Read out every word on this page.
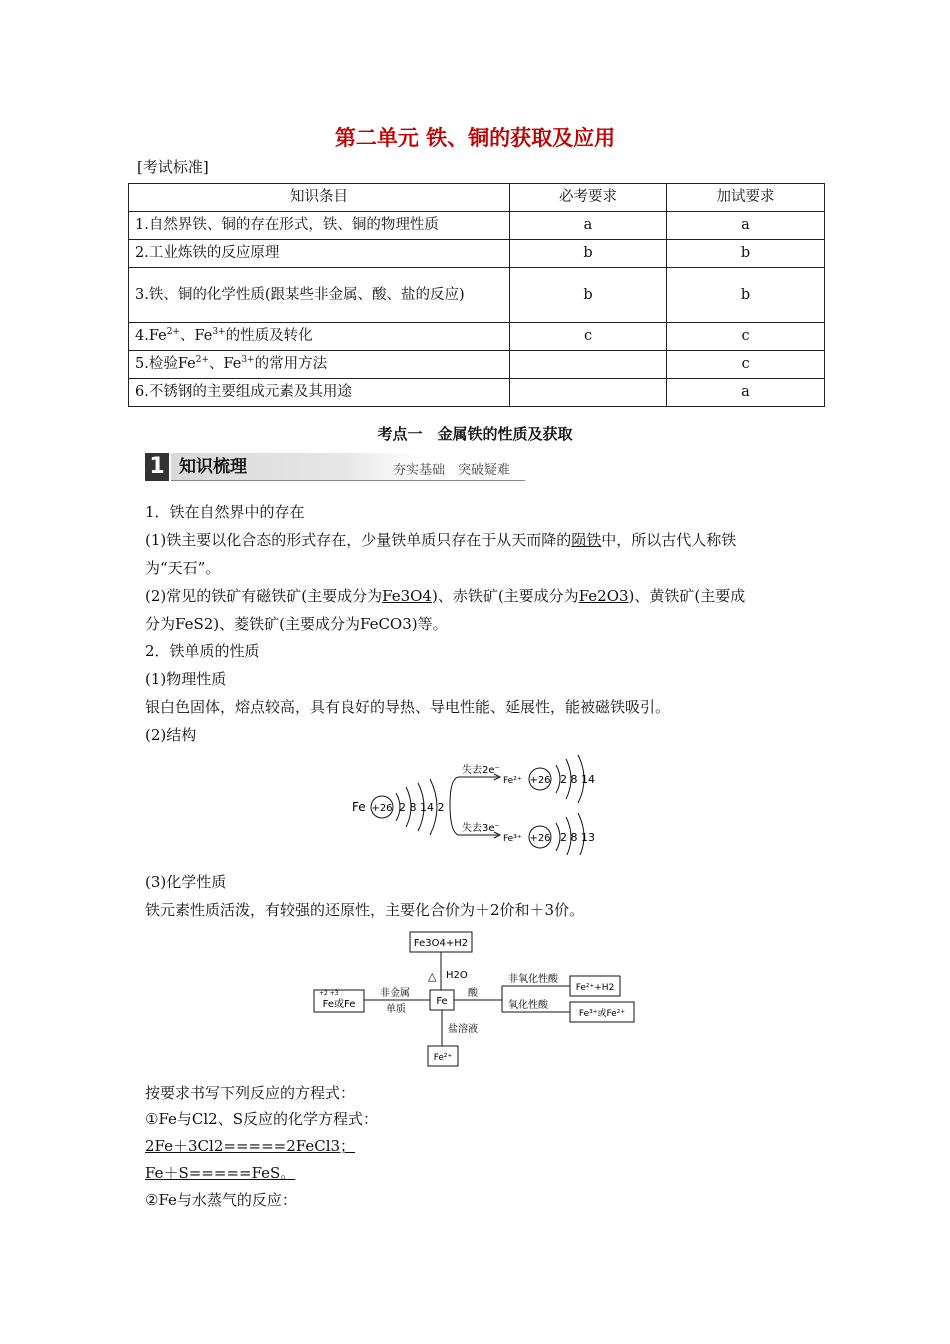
第二单元 铁、铜的获取及应用
[考试标准]
知识条目	必考要求	加试要求
1.自然界铁、铜的存在形式，铁、铜的物理性质	a	a
2.工业炼铁的反应原理	b	b
3.铁、铜的化学性质(跟某些非金属、酸、盐的反应)	b	b
$4.Fe^{2+}$、$Fe^{3+}$的性质及转化	c	c
5.检验$Fe^{2+}$、$Fe^{3+}$的常用方法		c
6.不锈钢的主要组成元素及其用途		a
考点一　金属铁的性质及获取
1 知识梳理	夯实基础　突破疑难
1．铁在自然界中的存在
(1)铁主要以化合态的形式存在，少量铁单质只存在于从天而降的陨铁中，所以古代人称铁
为“天石”。
(2)常见的铁矿有磁铁矿(主要成分为Fe3O4)、赤铁矿(主要成分为Fe2O3)、黄铁矿(主要成
分为FeS2)、菱铁矿(主要成分为FeCO3)等。
2．铁单质的性质
(1)物理性质
银白色固体，熔点较高，具有良好的导热、导电性能、延展性，能被磁铁吸引。
(2)结构
Fe +26 2 8 14 2
失去2e⁻
失去3e⁻
Fe²⁺
Fe³⁺
+26
+26
2 8 14
2 8 13
(3)化学性质
铁元素性质活泼，有较强的还原性，主要化合价为＋2价和＋3价。
Fe3O4+H2
△ H2O
Fe
+2 +3
Fe或Fe
非金属
单质
酸
非氧化性酸
氧化性酸
Fe²⁺+H2
Fe³⁺或Fe²⁺
盐溶液
Fe²⁺
按要求书写下列反应的方程式：
①Fe与Cl2、S反应的化学方程式：
2Fe＋3Cl2=====2FeCl3；
Fe＋S=====FeS。
②Fe与水蒸气的反应：
